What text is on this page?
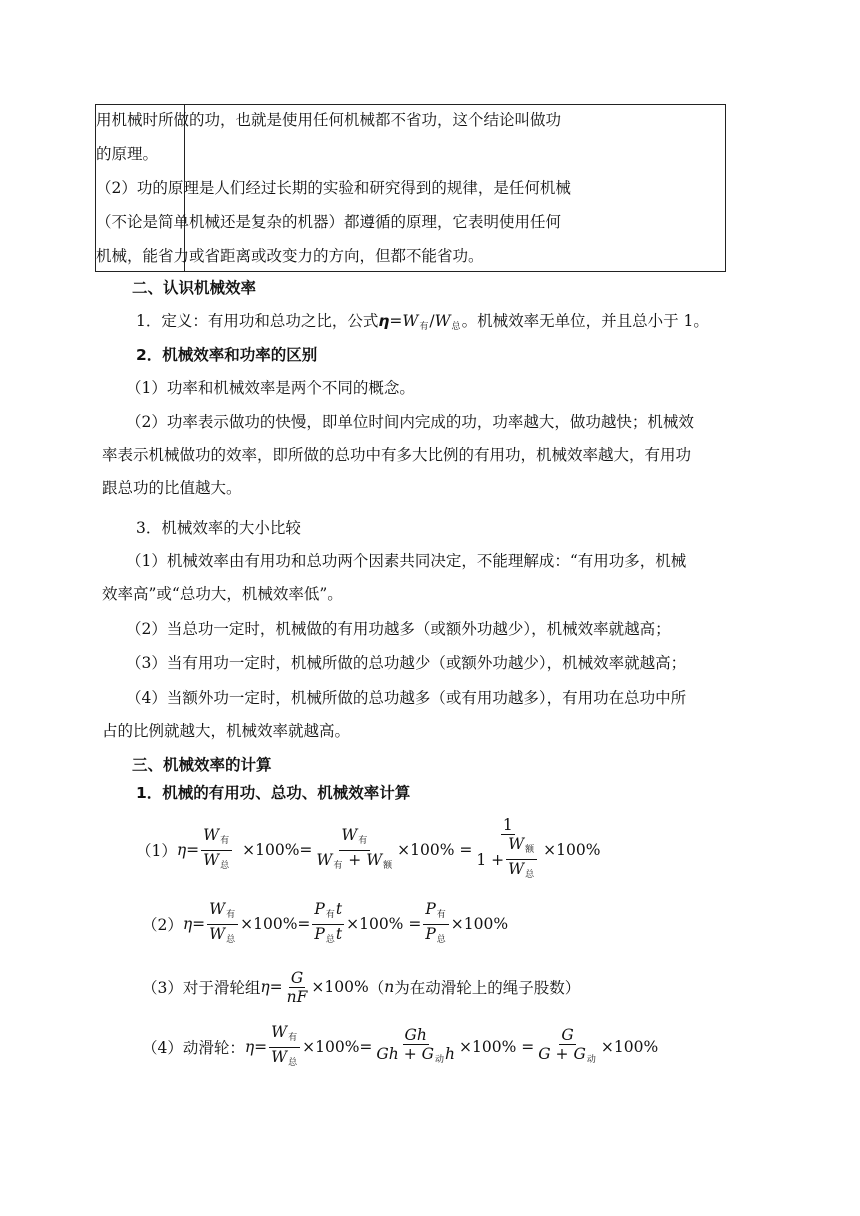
用机械时所做的功，也就是使用任何机械都不省功，这个结论叫做功
的原理。
（2）功的原理是人们经过长期的实验和研究得到的规律，是任何机械
（不论是简单机械还是复杂的机器）都遵循的原理，它表明使用任何
机械，能省力或省距离或改变力的方向，但都不能省功。
二、认识机械效率
1．定义：有用功和总功之比，公式$\eta=W_有/W_总$。机械效率无单位，并且总小于 1。
2．机械效率和功率的区别
（1）功率和机械效率是两个不同的概念。
（2）功率表示做功的快慢，即单位时间内完成的功，功率越大，做功越快；机械效
率表示机械做功的效率，即所做的总功中有多大比例的有用功，机械效率越大，有用功
跟总功的比值越大。
3．机械效率的大小比较
（1）机械效率由有用功和总功两个因素共同决定，不能理解成：“有用功多，机械
效率高”或“总功大，机械效率低”。
（2）当总功一定时，机械做的有用功越多（或额外功越少），机械效率就越高；
（3）当有用功一定时，机械所做的总功越少（或额外功越少），机械效率就越高；
（4）当额外功一定时，机械所做的总功越多（或有用功越多），有用功在总功中所
占的比例就越大，机械效率就越高。
三、机械效率的计算
1．机械的有用功、总功、机械效率计算
（1） $\eta = \frac{W_有}{W_总} \times 100\%= \frac{W_有}{W_有 + W_额} \times 100\% = \frac{1}{1 + \frac{W_额}{W_总}} \times 100\%$
（2） $\eta = \frac{W_有}{W_总} \times 100\%= \frac{P_有t}{P_总t} \times 100\% = \frac{P_有}{P_总} \times 100\%$
（3）对于滑轮组 $\eta = \frac{G}{nF} \times 100\%$ （ n 为在动滑轮上的绳子股数）
（4）动滑轮： $\eta = \frac{W_有}{W_总} \times 100\%= \frac{Gh}{Gh + G_动h} \times 100\% = \frac{G}{G + G_动} \times 100\%$
